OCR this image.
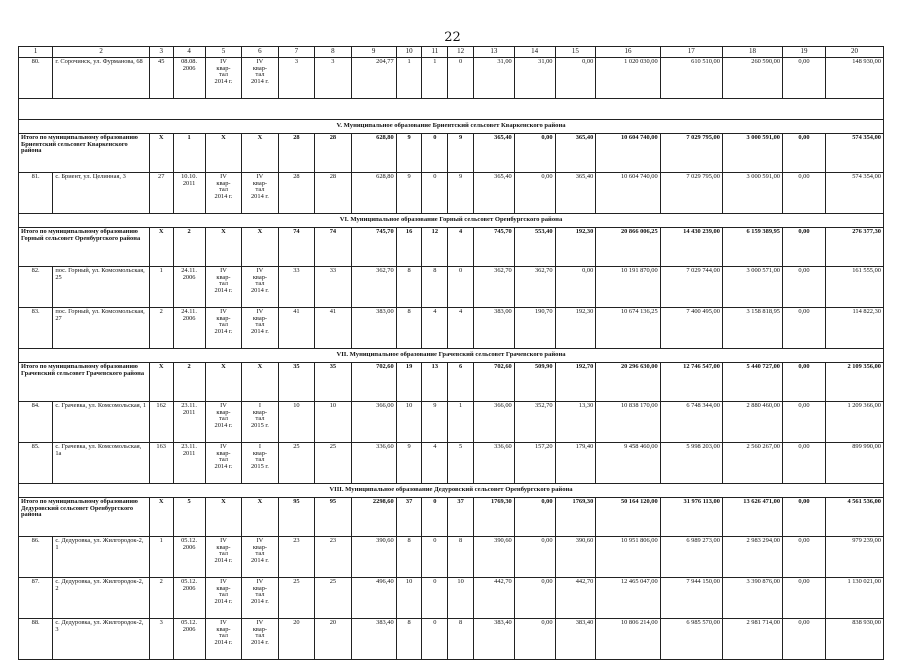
22
1	2	3	4	5	6	7	8	9	10	11	12	13	14	15	16	17	18	19	20
80.	г. Сорочинск, ул. Фурманова, 68	45	08.08. 2006	IV
квар-
тал
2014 г.	IV
квар-
тал
2014 г.	3	3	204,77	1	1	0	31,00	31,00	0,00	1 020 030,00	610 510,00	260 590,00	0,00	148 930,00

V. Муниципальное образование Бриентский сельсовет Кваркенского района																			
Итого по муниципальному образованию Бриентский сельсовет Кваркенского района		X	1	X	X	28	28	628,80	9	0	9	365,40	0,00	365,40	10 604 740,00	7 029 795,00	3 000 591,00	0,00	574 354,00
81.	с. Бриент, ул. Целинная, 3	27	10.10. 2011	IV
квар-
тал
2014 г.	IV
квар-
тал
2014 г.	28	28	628,80	9	0	9	365,40	0,00	365,40	10 604 740,00	7 029 795,00	3 000 591,00	0,00	574 354,00
VI. Муниципальное образование Горный сельсовет Оренбургского района																			
Итого по муниципальному образованию Горный сельсовет Оренбургского района		X	2	X	X	74	74	745,70	16	12	4	745,70	553,40	192,30	20 866 006,25	14 430 239,00	6 159 389,95	0,00	276 377,30
82.	пос. Горный, ул. Комсомольская, 25	1	24.11. 2006	IV
квар-
тал
2014 г.	IV
квар-
тал
2014 г.	33	33	362,70	8	8	0	362,70	362,70	0,00	10 191 870,00	7 029 744,00	3 000 571,00	0,00	161 555,00
83.	пос. Горный, ул. Комсомольская, 27	2	24.11. 2006	IV
квар-
тал
2014 г.	IV
квар-
тал
2014 г.	41	41	383,00	8	4	4	383,00	190,70	192,30	10 674 136,25	7 400 495,00	3 158 818,95	0,00	114 822,30
VII. Муниципальное образование Грачевский сельсовет Грачевского района																			
Итого по муниципальному образованию Грачевский сельсовет Грачевского района		X	2	X	X	35	35	702,60	19	13	6	702,60	509,90	192,70	20 296 630,00	12 746 547,00	5 440 727,00	0,00	2 109 356,00
84.	с. Грачевка, ул. Комсомольская, 1	162	23.11. 2011	IV
квар-
тал
2014 г.	I
квар-
тал
2015 г.	10	10	366,00	10	9	1	366,00	352,70	13,30	10 838 170,00	6 748 344,00	2 880 460,00	0,00	1 209 366,00
85.	с. Грачевка, ул. Комсомольская, 1а	163	23.11. 2011	IV
квар-
тал
2014 г.	I
квар-
тал
2015 г.	25	25	336,60	9	4	5	336,60	157,20	179,40	9 458 460,00	5 998 203,00	2 560 267,00	0,00	899 990,00
VIII. Муниципальное образование Дедуровский сельсовет Оренбургского района																			
Итого по муниципальному образованию Дедуровский сельсовет Оренбургского района		X	5	X	X	95	95	2298,60	37	0	37	1769,30	0,00	1769,30	50 164 120,00	31 976 113,00	13 626 471,00	0,00	4 561 536,00
86.	с. Дедуровка, ул. Жилгородок-2, 1	1	05.12. 2006	IV
квар-
тал
2014 г.	IV
квар-
тал
2014 г.	23	23	390,60	8	0	8	390,60	0,00	390,60	10 951 806,00	6 989 273,00	2 983 294,00	0,00	979 239,00
87.	с. Дедуровка, ул. Жилгородок-2, 2	2	05.12. 2006	IV
квар-
тал
2014 г.	IV
квар-
тал
2014 г.	25	25	496,40	10	0	10	442,70	0,00	442,70	12 465 047,00	7 944 150,00	3 390 876,00	0,00	1 130 021,00
88.	с. Дедуровка, ул. Жилгородок-2, 3	3	05.12. 2006	IV
квар-
тал
2014 г.	IV
квар-
тал
2014 г.	20	20	383,40	8	0	8	383,40	0,00	383,40	10 806 214,00	6 985 570,00	2 981 714,00	0,00	838 930,00
